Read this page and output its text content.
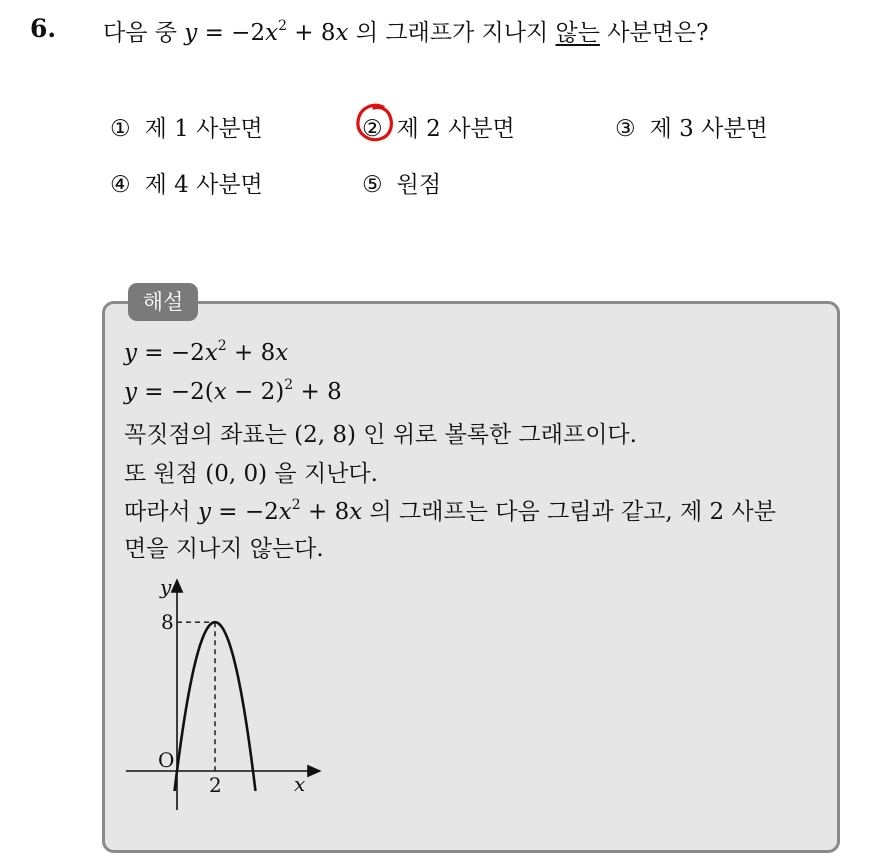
6. 다음 중 $y = -2x^2 + 8x$ 의 그래프가 지나지 않는 사분면은?
① 제 1 사분면	② 제 2 사분면	③ 제 3 사분면
④ 제 4 사분면	⑤ 원점
해설
$y = -2x^2 + 8x$
$y = -2(x - 2)^2 + 8$
꼭짓점의 좌표는 (2, 8) 인 위로 볼록한 그래프이다.
또 원점 (0, 0) 을 지난다.
따라서 $y = -2x^2 + 8x$ 의 그래프는 다음 그림과 같고, 제 2 사분
면을 지나지 않는다.
y
x
O
8
2
